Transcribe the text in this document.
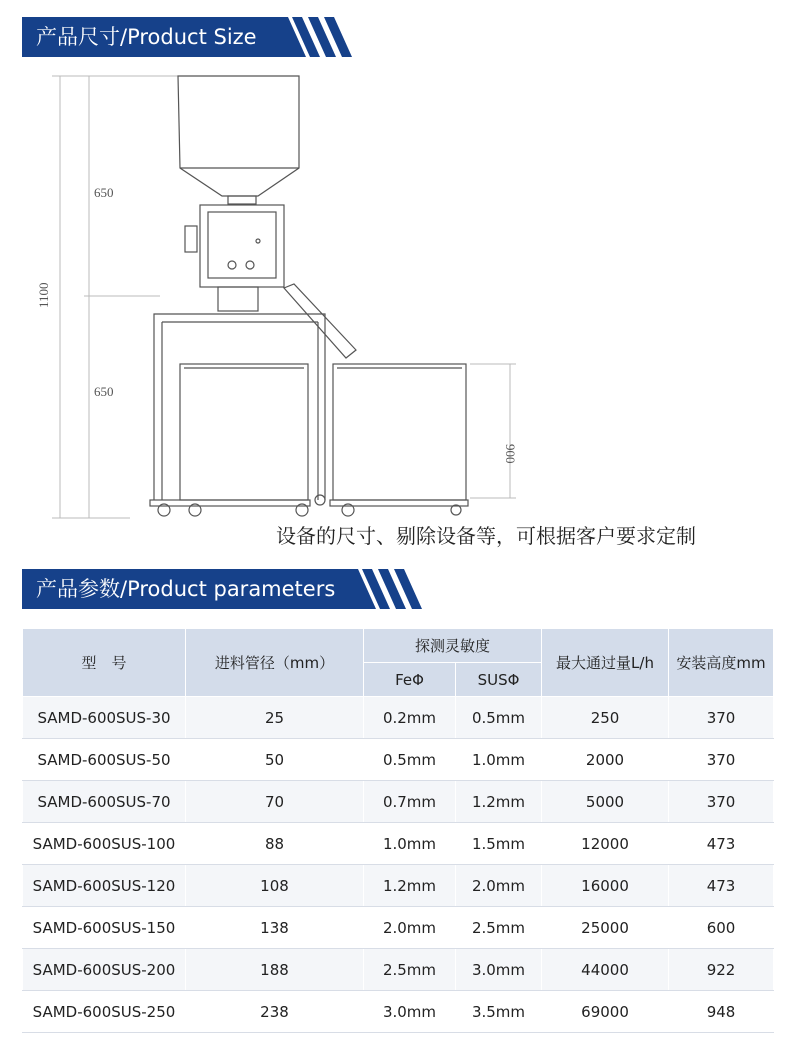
产品尺寸/Product Size
650
650
1100
900
设备的尺寸、剔除设备等，可根据客户要求定制
产品参数/Product parameters
型　号	进料管径（mm）	探测灵敏度		最大通过量L/h	安装高度mm
		FeΦ	SUSΦ		
SAMD-600SUS-30	25	0.2mm	0.5mm	250	370
SAMD-600SUS-50	50	0.5mm	1.0mm	2000	370
SAMD-600SUS-70	70	0.7mm	1.2mm	5000	370
SAMD-600SUS-100	88	1.0mm	1.5mm	12000	473
SAMD-600SUS-120	108	1.2mm	2.0mm	16000	473
SAMD-600SUS-150	138	2.0mm	2.5mm	25000	600
SAMD-600SUS-200	188	2.5mm	3.0mm	44000	922
SAMD-600SUS-250	238	3.0mm	3.5mm	69000	948
